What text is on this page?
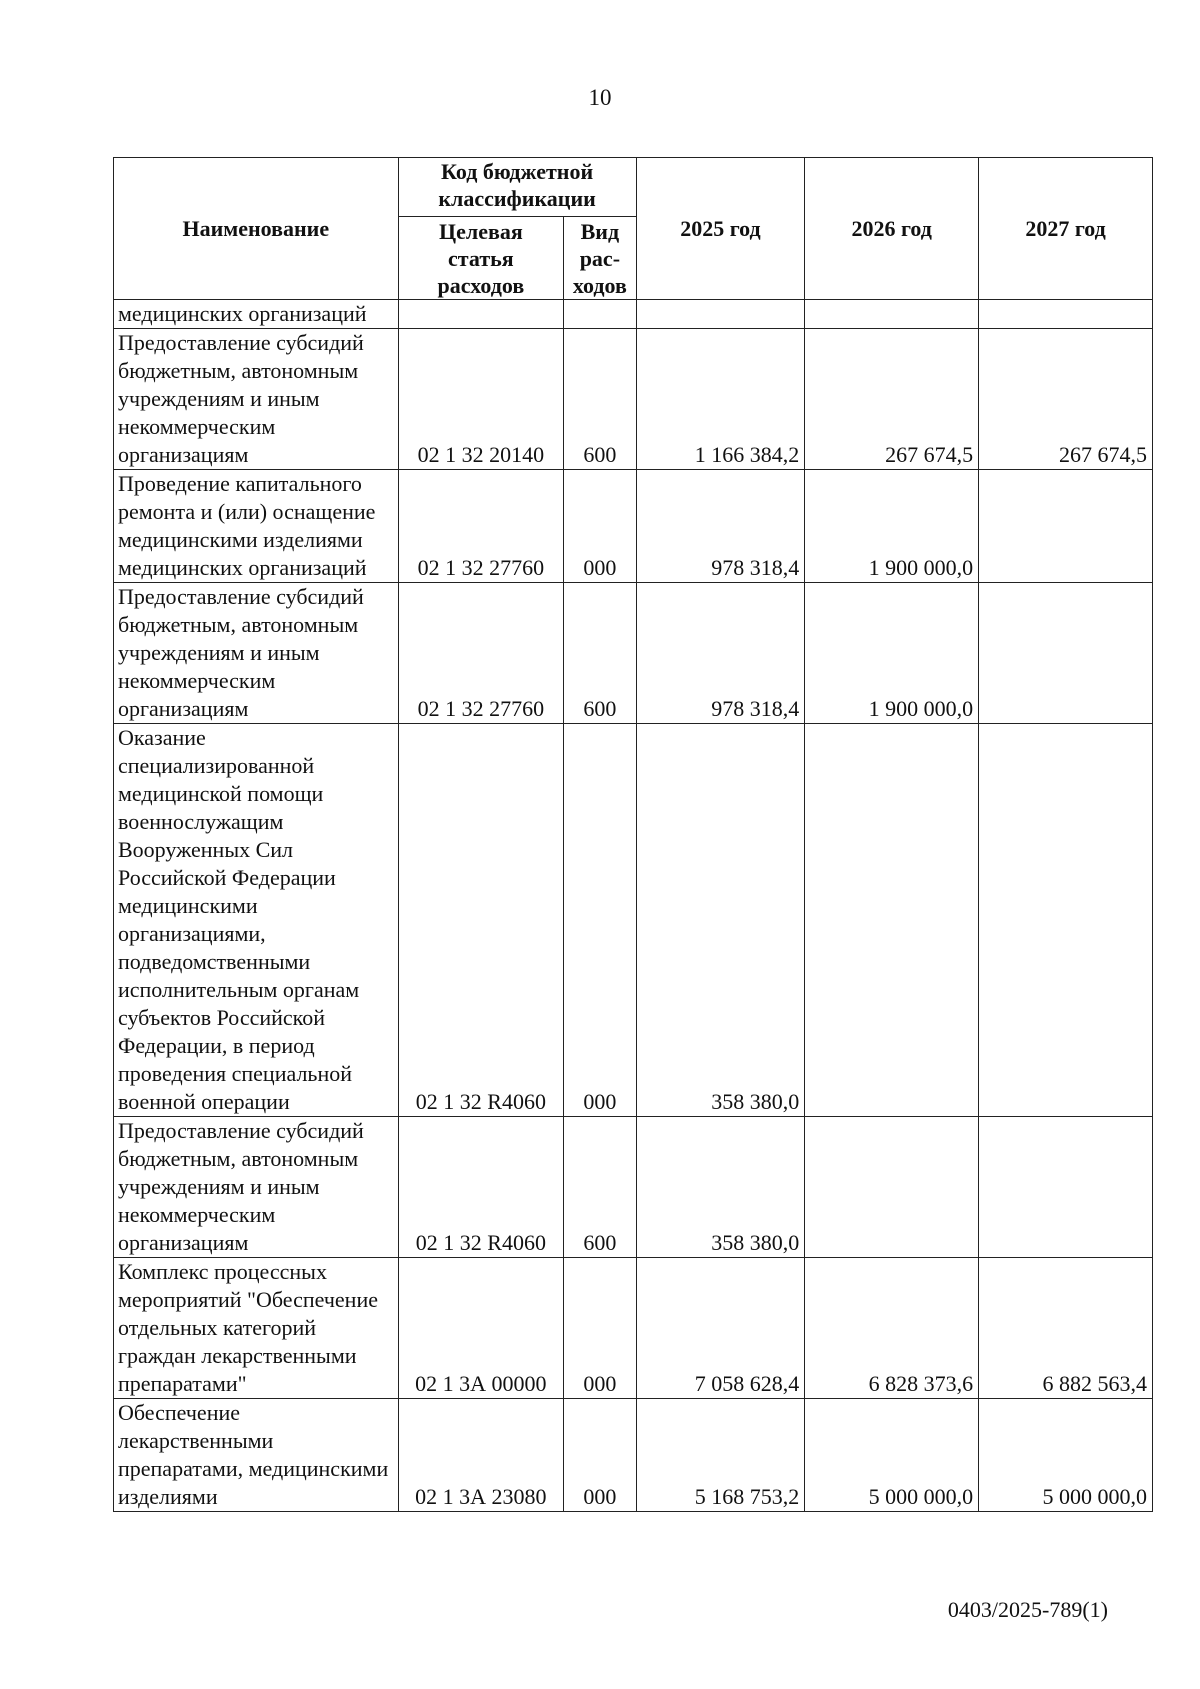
10
Наименование	Код бюджетной классификации		2025 год	2026 год	2027 год
	Целевая статья расходов	Вид рас-ходов			
медицинских организаций					
Предоставление субсидий бюджетным, автономным учреждениям и иным некоммерческим организациям	02 1 32 20140	600	1 166 384,2	267 674,5	267 674,5
Проведение капитального ремонта и (или) оснащение медицинскими изделиями медицинских организаций	02 1 32 27760	000	978 318,4	1 900 000,0	
Предоставление субсидий бюджетным, автономным учреждениям и иным некоммерческим организациям	02 1 32 27760	600	978 318,4	1 900 000,0	
Оказание специализированной медицинской помощи военнослужащим Вооруженных Сил Российской Федерации медицинскими организациями, подведомственными исполнительным органам субъектов Российской Федерации, в период проведения специальной военной операции	02 1 32 R4060	000	358 380,0		
Предоставление субсидий бюджетным, автономным учреждениям и иным некоммерческим организациям	02 1 32 R4060	600	358 380,0		
Комплекс процессных мероприятий "Обеспечение отдельных категорий граждан лекарственными препаратами"	02 1 3А 00000	000	7 058 628,4	6 828 373,6	6 882 563,4
Обеспечение лекарственными препаратами, медицинскими изделиями	02 1 3А 23080	000	5 168 753,2	5 000 000,0	5 000 000,0
0403/2025-789(1)
